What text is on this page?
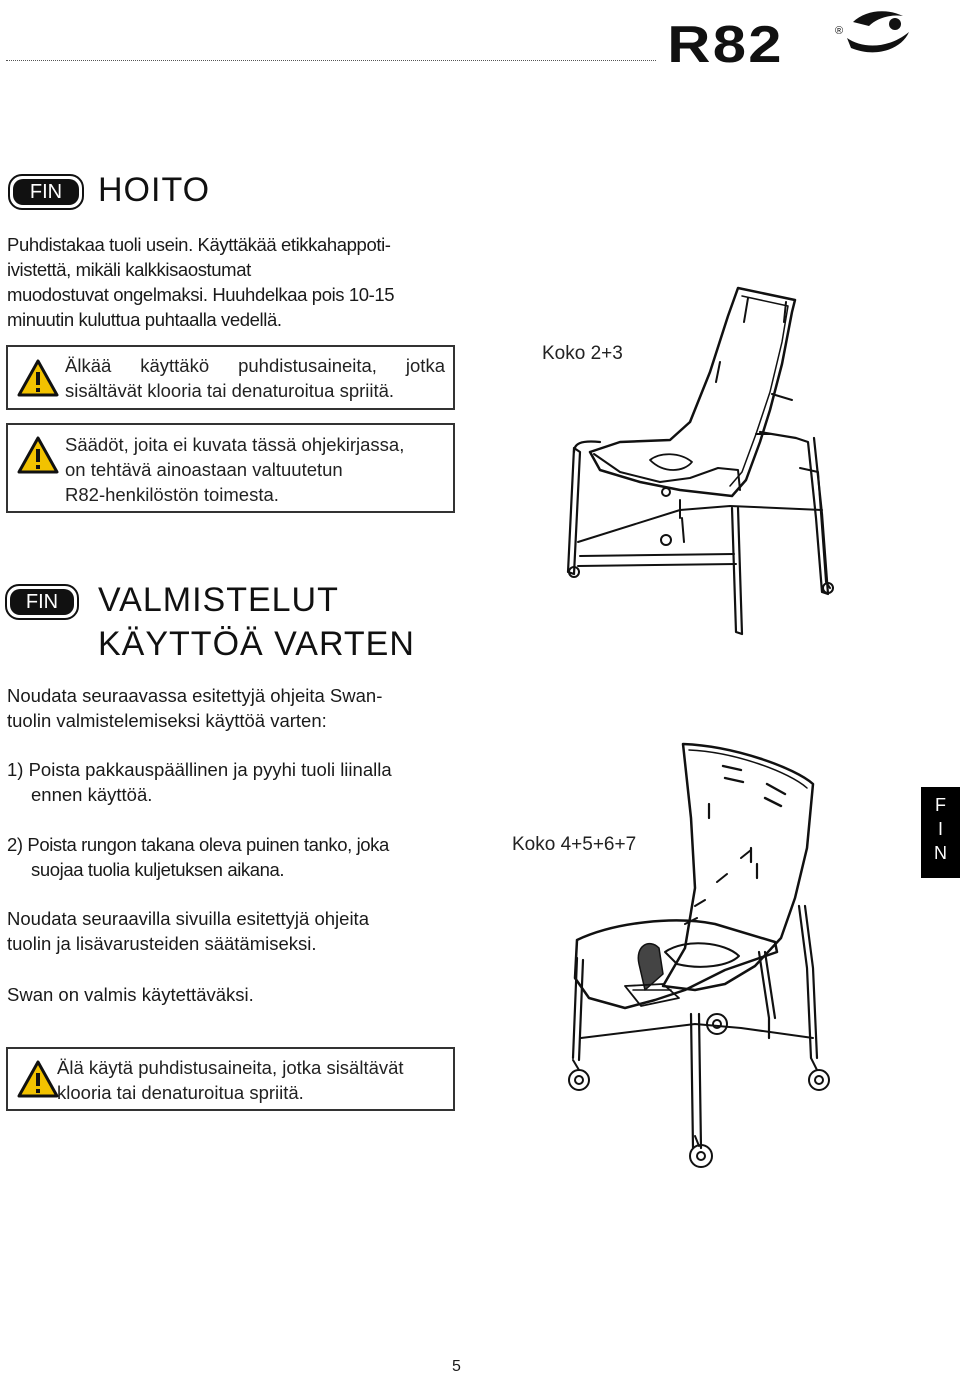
R82	®
FIN	HOITO
Puhdistakaa tuoli usein. Käyttäkää etikkahappoti-
ivistettä, mikäli kalkkisaostumat
muodostuvat ongelmaksi. Huuhdelkaa pois 10-15
minuutin kuluttua puhtaalla vedellä.
Älkää käyttäkö puhdistusaineita, jotka
sisältävät klooria tai denaturoitua spriitä.
Säädöt, joita ei kuvata tässä ohjekirjassa,
on tehtävä ainoastaan valtuutetun
R82-henkilöstön toimesta.
Koko 2+3
FIN	VALMISTELUT
KÄYTTÖÄ VARTEN
Noudata seuraavassa esitettyjä ohjeita Swan-
tuolin valmistelemiseksi käyttöä varten:
1) Poista pakkauspäällinen ja pyyhi tuoli liinalla
ennen käyttöä.
2) Poista rungon takana oleva puinen tanko, joka
suojaa tuolia kuljetuksen aikana.
Noudata seuraavilla sivuilla esitettyjä ohjeita
tuolin ja lisävarusteiden säätämiseksi.
Swan on valmis käytettäväksi.
Älä käytä puhdistusaineita, jotka sisältävät
klooria tai denaturoitua spriitä.
Koko 4+5+6+7
F
I
N
5
